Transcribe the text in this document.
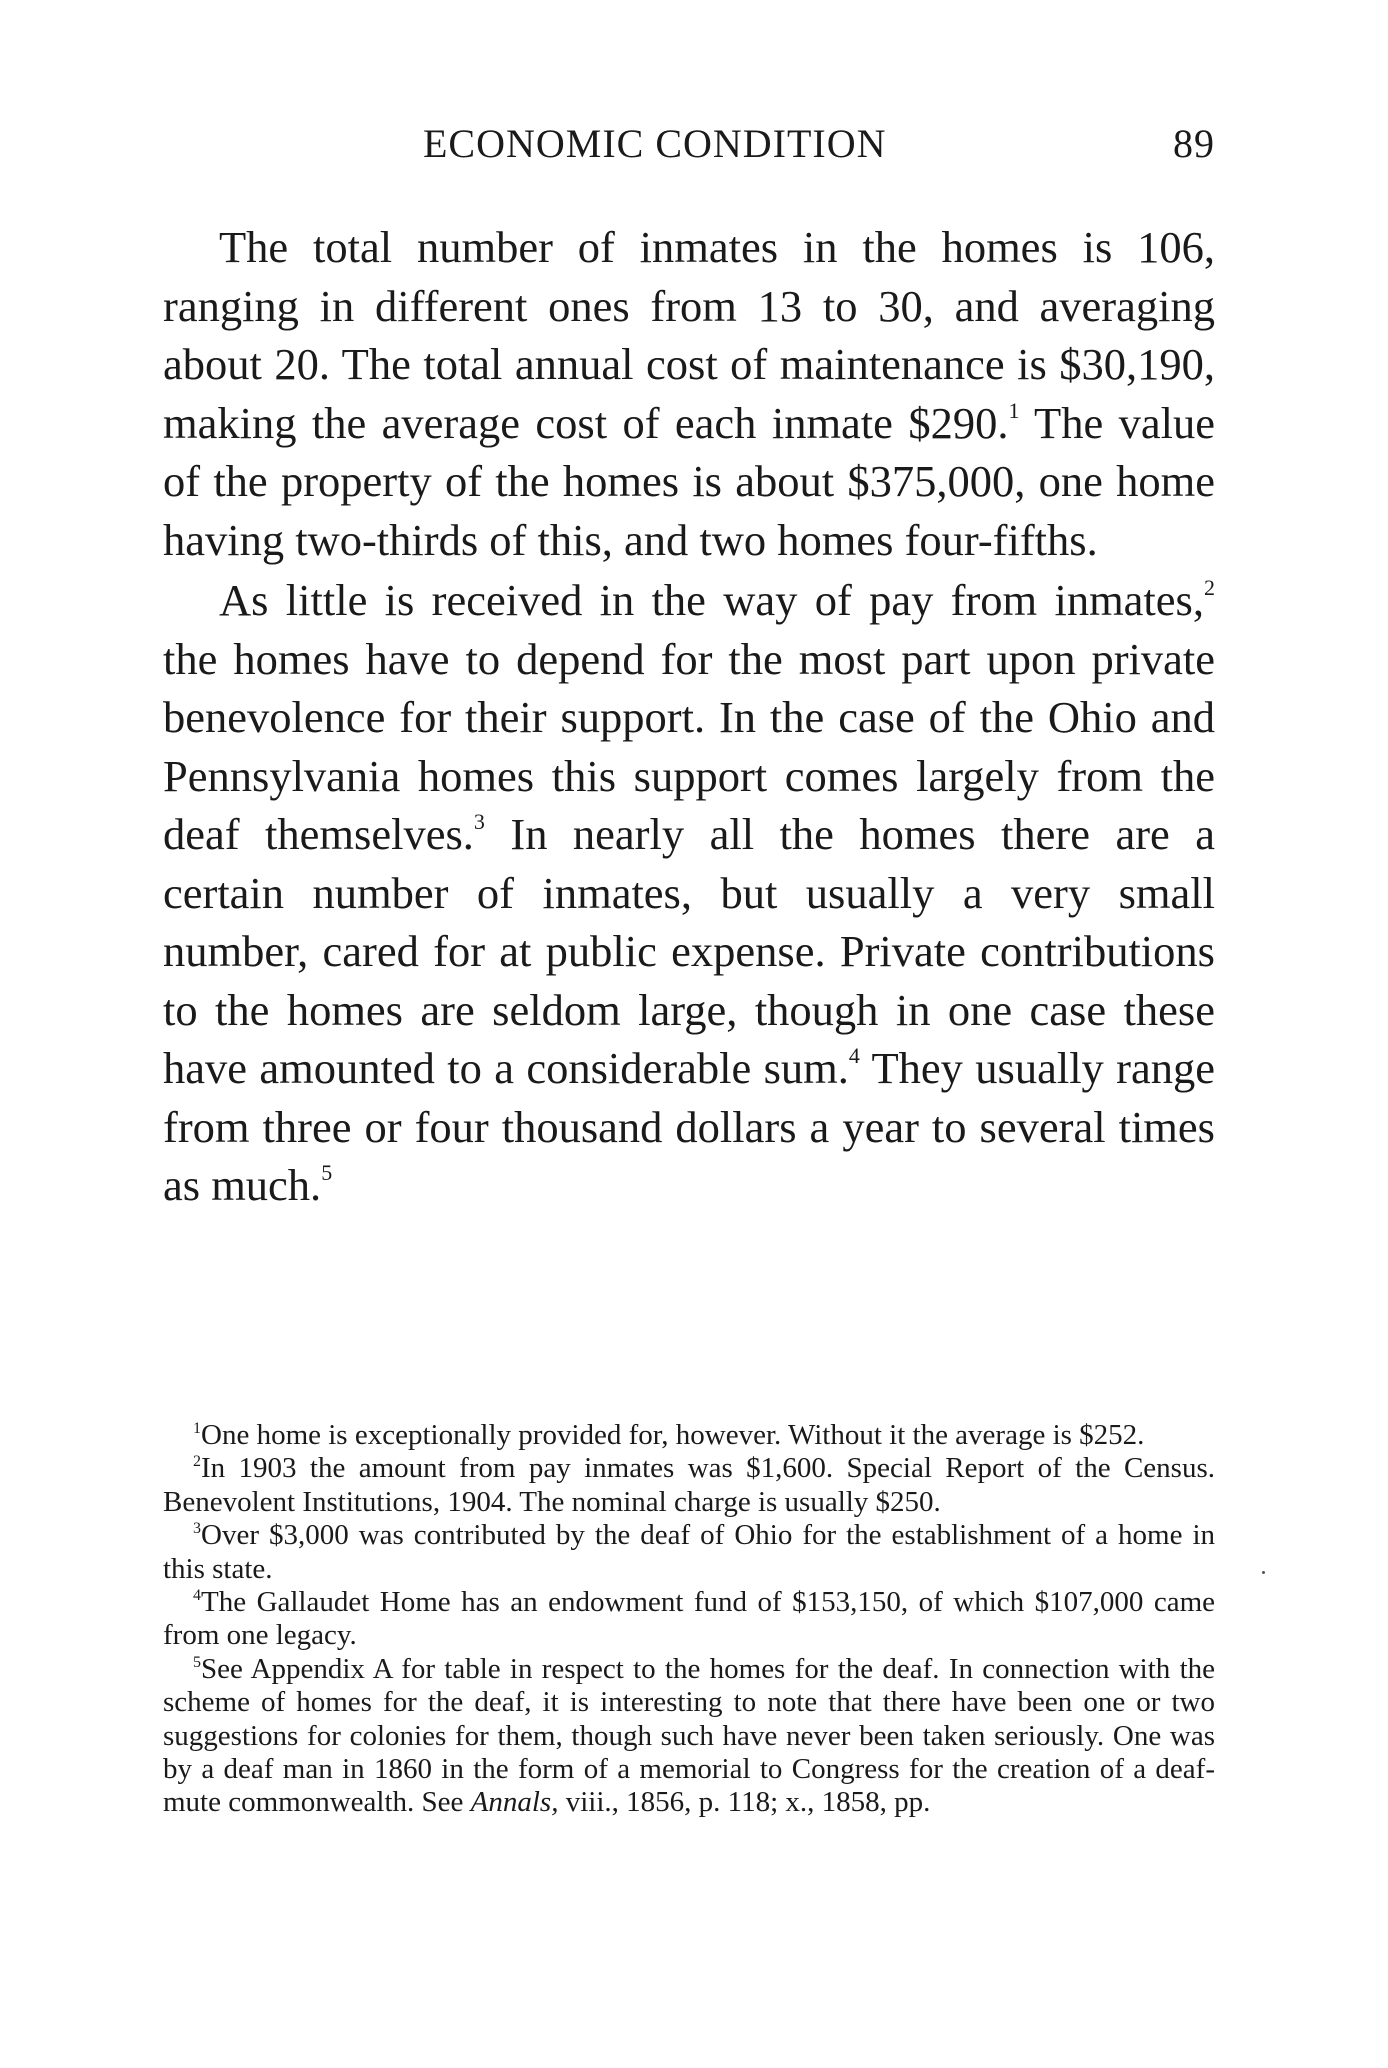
ECONOMIC CONDITION	89

The total number of inmates in the homes is 106, ranging in different ones from 13 to 30, and averaging about 20. The total annual cost of maintenance is $30,190, making the average cost of each inmate $290.$^1$ The value of the property of the homes is about $375,000, one home having two-thirds of this, and two homes four-fifths.

As little is received in the way of pay from inmates,$^2$ the homes have to depend for the most part upon private benevolence for their support. In the case of the Ohio and Pennsylvania homes this support comes largely from the deaf themselves.$^3$ In nearly all the homes there are a certain number of inmates, but usually a very small number, cared for at public expense. Private contributions to the homes are seldom large, though in one case these have amounted to a considerable sum.$^4$ They usually range from three or four thousand dollars a year to several times as much.$^5$

$^1$One home is exceptionally provided for, however. Without it the average is $252.

$^2$In 1903 the amount from pay inmates was $1,600. Special Report of the Census. Benevolent Institutions, 1904. The nominal charge is usually $250.

$^3$Over $3,000 was contributed by the deaf of Ohio for the establishment of a home in this state.

$^4$The Gallaudet Home has an endowment fund of $153,150, of which $107,000 came from one legacy.

$^5$See Appendix A for table in respect to the homes for the deaf. In connection with the scheme of homes for the deaf, it is interesting to note that there have been one or two suggestions for colonies for them, though such have never been taken seriously. One was by a deaf man in 1860 in the form of a memorial to Congress for the creation of a deaf-mute commonwealth. See Annals, viii., 1856, p. 118; x., 1858, pp.
